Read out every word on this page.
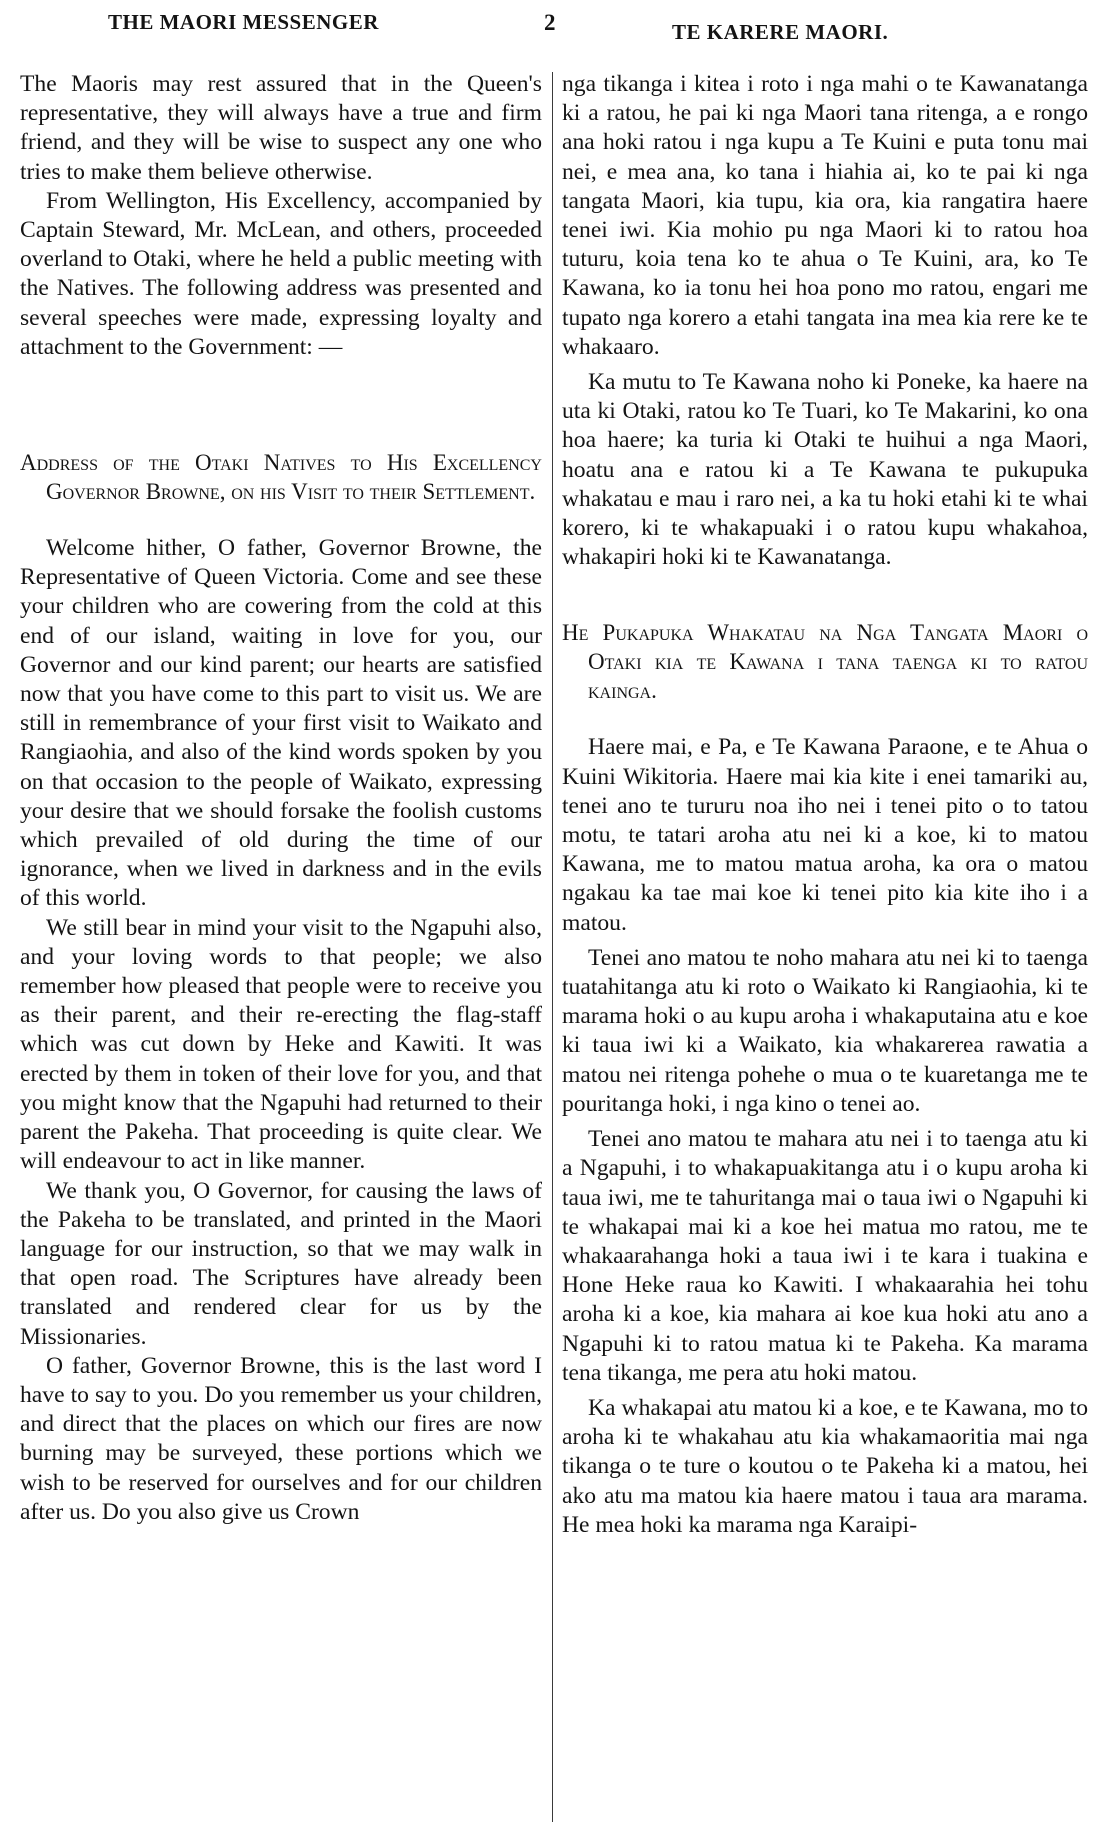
THE MAORI MESSENGER	2	TE KARERE MAORI.

The Maoris may rest assured that in the Queen's representative, they will always have a true and firm friend, and they will be wise to suspect any one who tries to make them believe otherwise.

From Wellington, His Excellency, accompanied by Captain Steward, Mr. McLean, and others, proceeded overland to Otaki, where he held a public meeting with the Natives. The following address was presented and several speeches were made, expressing loyalty and attachment to the Government: —

Address of the Otaki Natives to His Excellency Governor Browne, on his Visit to their Settlement.

Welcome hither, O father, Governor Browne, the Representative of Queen Victoria. Come and see these your children who are cowering from the cold at this end of our island, waiting in love for you, our Governor and our kind parent; our hearts are satisfied now that you have come to this part to visit us. We are still in remembrance of your first visit to Waikato and Rangiaohia, and also of the kind words spoken by you on that occasion to the people of Waikato, expressing your desire that we should forsake the foolish customs which prevailed of old during the time of our ignorance, when we lived in darkness and in the evils of this world.

We still bear in mind your visit to the Ngapuhi also, and your loving words to that people; we also remember how pleased that people were to receive you as their parent, and their re-erecting the flag-staff which was cut down by Heke and Kawiti. It was erected by them in token of their love for you, and that you might know that the Ngapuhi had returned to their parent the Pakeha. That proceeding is quite clear. We will endeavour to act in like manner.

We thank you, O Governor, for causing the laws of the Pakeha to be translated, and printed in the Maori language for our instruction, so that we may walk in that open road. The Scriptures have already been translated and rendered clear for us by the Missionaries.

O father, Governor Browne, this is the last word I have to say to you. Do you remember us your children, and direct that the places on which our fires are now burning may be surveyed, these portions which we wish to be reserved for ourselves and for our children after us. Do you also give us Crown

nga tikanga i kitea i roto i nga mahi o te Kawanatanga ki a ratou, he pai ki nga Maori tana ritenga, a e rongo ana hoki ratou i nga kupu a Te Kuini e puta tonu mai nei, e mea ana, ko tana i hiahia ai, ko te pai ki nga tangata Maori, kia tupu, kia ora, kia rangatira haere tenei iwi. Kia mohio pu nga Maori ki to ratou hoa tuturu, koia tena ko te ahua o Te Kuini, ara, ko Te Kawana, ko ia tonu hei hoa pono mo ratou, engari me tupato nga korero a etahi tangata ina mea kia rere ke te whakaaro.

Ka mutu to Te Kawana noho ki Poneke, ka haere na uta ki Otaki, ratou ko Te Tuari, ko Te Makarini, ko ona hoa haere; ka turia ki Otaki te huihui a nga Maori, hoatu ana e ratou ki a Te Kawana te pukupuka whakatau e mau i raro nei, a ka tu hoki etahi ki te whai korero, ki te whakapuaki i o ratou kupu whakahoa, whakapiri hoki ki te Kawanatanga.

He Pukapuka Whakatau na Nga Tangata Maori o Otaki kia te Kawana i tana taenga ki to ratou kainga.

Haere mai, e Pa, e Te Kawana Paraone, e te Ahua o Kuini Wikitoria. Haere mai kia kite i enei tamariki au, tenei ano te tururu noa iho nei i tenei pito o to tatou motu, te tatari aroha atu nei ki a koe, ki to matou Kawana, me to matou matua aroha, ka ora o matou ngakau ka tae mai koe ki tenei pito kia kite iho i a matou.

Tenei ano matou te noho mahara atu nei ki to taenga tuatahitanga atu ki roto o Waikato ki Rangiaohia, ki te marama hoki o au kupu aroha i whakaputaina atu e koe ki taua iwi ki a Waikato, kia whakarerea rawatia a matou nei ritenga pohehe o mua o te kuaretanga me te pouritanga hoki, i nga kino o tenei ao.

Tenei ano matou te mahara atu nei i to taenga atu ki a Ngapuhi, i to whakapuakitanga atu i o kupu aroha ki taua iwi, me te tahuritanga mai o taua iwi o Ngapuhi ki te whakapai mai ki a koe hei matua mo ratou, me te whakaarahanga hoki a taua iwi i te kara i tuakina e Hone Heke raua ko Kawiti. I whakaarahia hei tohu aroha ki a koe, kia mahara ai koe kua hoki atu ano a Ngapuhi ki to ratou matua ki te Pakeha. Ka marama tena tikanga, me pera atu hoki matou.

Ka whakapai atu matou ki a koe, e te Kawana, mo to aroha ki te whakahau atu kia whakamaoritia mai nga tikanga o te ture o koutou o te Pakeha ki a matou, hei ako atu ma matou kia haere matou i taua ara marama. He mea hoki ka marama nga Karaipi-
